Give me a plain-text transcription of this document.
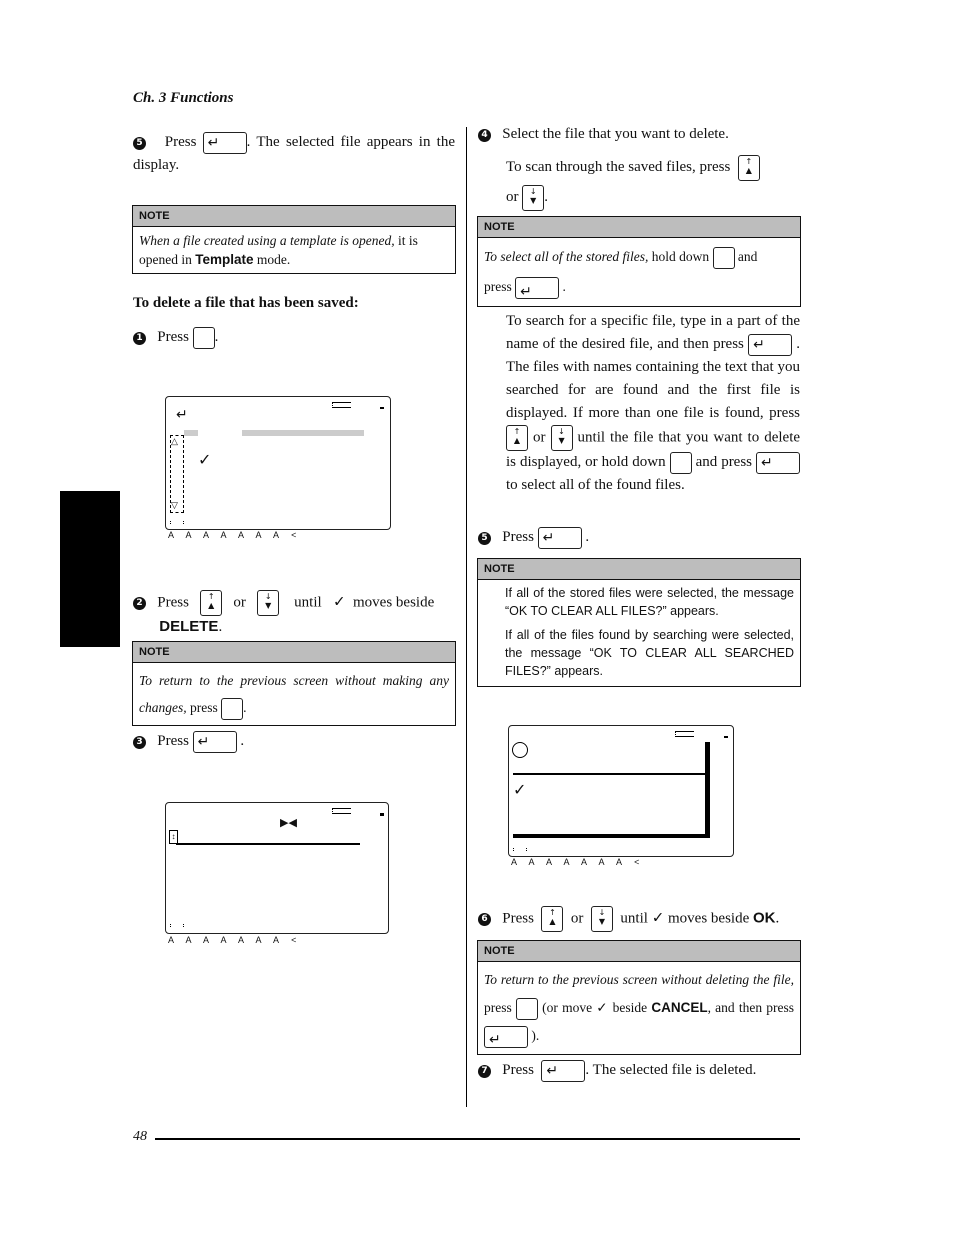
Ch. 3 Functions
5 Press ↵	. The selected file appears in the display.
NOTE
When a file created using a template is opened, it is opened in Template mode.
To delete a file that has been saved:
1 Press .
↵
△
▽
✓
A A A A A A A <
2 Press ↑ ▲	or ↓ ▼	until ✓ moves beside
DELETE.
NOTE
To return to the previous screen without making any changes, press .
3 Press ↵	.
▶◀
↕
A A A A A A A <
4 Select the file that you want to delete.
To scan through the saved files, press  ↑ ▲
or ↓ ▼ .
NOTE
To select all of the stored files, hold down and
press ↵	.
To search for a specific file, type in a part of the name of the desired file, and then press ↵	. The files with names containing the text that you searched for are found and the first file is displayed. If more than one file is found, press ↑ ▲ or ↓ ▼ until the file that you want to delete is displayed, or hold down and press ↵ to select all of the found files.
5 Press ↵	.
NOTE
If all of the stored files were selected, the message “OK TO CLEAR ALL FILES?” appears.
If all of the files found by searching were selected, the message “OK TO CLEAR ALL SEARCHED FILES?” appears.
✓
A A A A A A A <
6 Press ↑ ▲ or ↓ ▼ until ✓ moves beside OK.
NOTE
To return to the previous screen without deleting the file, press (or move ✓ beside CANCEL, and then press ↵ ).
7 Press ↵	. The selected file is deleted.
48
